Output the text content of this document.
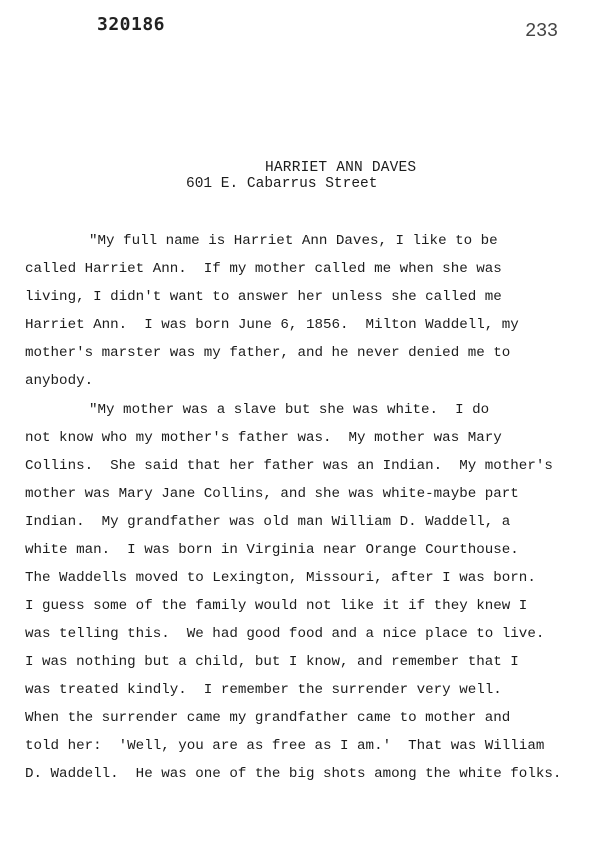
320186	233
HARRIET ANN DAVES
601 E. Cabarrus Street
"My full name is Harriet Ann Daves, I like to be
called Harriet Ann.  If my mother called me when she was
living, I didn't want to answer her unless she called me
Harriet Ann.  I was born June 6, 1856.  Milton Waddell, my
mother's marster was my father, and he never denied me to
anybody.
"My mother was a slave but she was white.  I do
not know who my mother's father was.  My mother was Mary
Collins.  She said that her father was an Indian.  My mother's
mother was Mary Jane Collins, and she was white-maybe part
Indian.  My grandfather was old man William D. Waddell, a
white man.  I was born in Virginia near Orange Courthouse.
The Waddells moved to Lexington, Missouri, after I was born.
I guess some of the family would not like it if they knew I
was telling this.  We had good food and a nice place to live.
I was nothing but a child, but I know, and remember that I
was treated kindly.  I remember the surrender very well.
When the surrender came my grandfather came to mother and
told her:  'Well, you are as free as I am.'  That was William
D. Waddell.  He was one of the big shots among the white folks.
